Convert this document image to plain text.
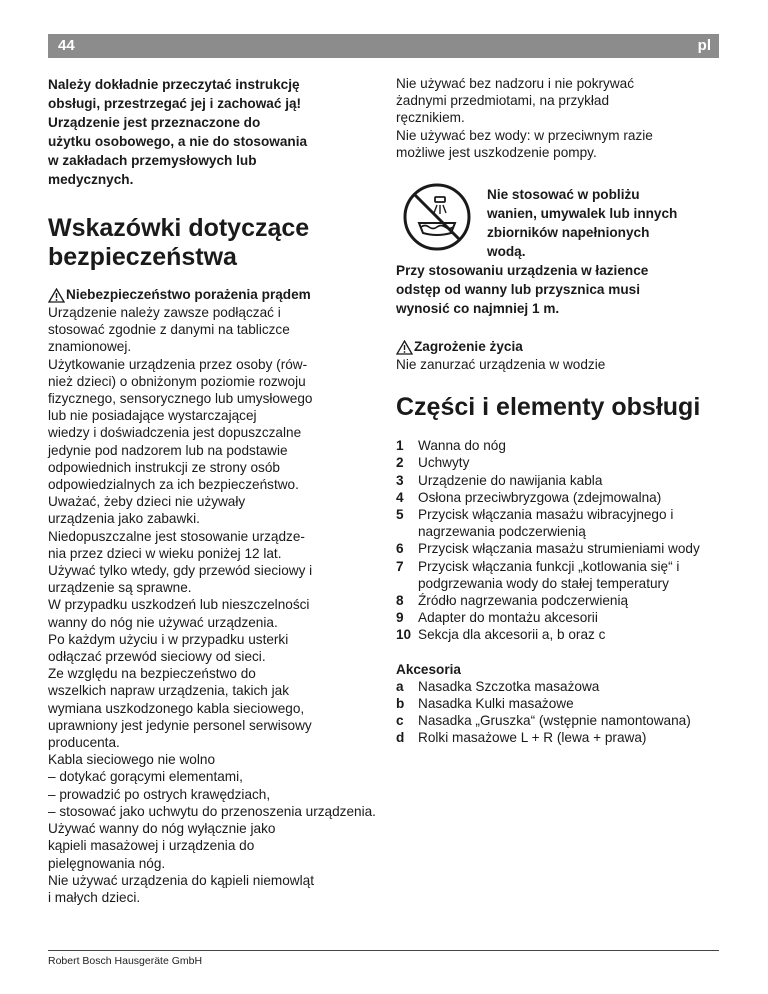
44	pl

Należy dokładnie przeczytać instrukcję

obsługi, przestrzegać jej i zachować ją!

Urządzenie jest przeznaczone do

użytku osobowego, a nie do stosowania

w zakładach przemysłowych lub

medycznych.

Wskazówki dotyczące
bezpieczeństwa
Niebezpieczeństwo porażenia prądem

Urządzenie należy zawsze podłączać i

stosować zgodnie z danymi na tabliczce

znamionowej.

Użytkowanie urządzenia przez osoby (rów-

nież dzieci) o obniżonym poziomie rozwoju

fizycznego, sensorycznego lub umysłowego

lub nie posiadające wystarczającej

wiedzy i doświadczenia jest dopuszczalne

jedynie pod nadzorem lub na podstawie

odpowiednich instrukcji ze strony osób

odpowiedzialnych za ich bezpieczeństwo.

Uważać, żeby dzieci nie używały

urządzenia jako zabawki.

Niedopuszczalne jest stosowanie urządze-

nia przez dzieci w wieku poniżej 12 lat.

Używać tylko wtedy, gdy przewód sieciowy i

urządzenie są sprawne.

W przypadku uszkodzeń lub nieszczelności

wanny do nóg nie używać urządzenia.

Po każdym użyciu i w przypadku usterki

odłączać przewód sieciowy od sieci.

Ze względu na bezpieczeństwo do

wszelkich napraw urządzenia, takich jak

wymiana uszkodzonego kabla sieciowego,

uprawniony jest jedynie personel serwisowy

producenta.

Kabla sieciowego nie wolno

– dotykać gorącymi elementami,

– prowadzić po ostrych krawędziach,

– stosować jako uchwytu do przenoszenia urządzenia.

Używać wanny do nóg wyłącznie jako

kąpieli masażowej i urządzenia do

pielęgnowania nóg.

Nie używać urządzenia do kąpieli niemowląt

i małych dzieci.

Nie używać bez nadzoru i nie pokrywać

żadnymi przedmiotami, na przykład

ręcznikiem.

Nie używać bez wody: w przeciwnym razie

możliwe jest uszkodzenie pompy.

Nie stosować w pobliżu

wanien, umywalek lub innych

zbiorników napełnionych

wodą.

Przy stosowaniu urządzenia w łazience

odstęp od wanny lub przysznica musi

wynosić co najmniej 1 m.

Zagrożenie życia

Nie zanurzać urządzenia w wodzie

Części i elementy obsługi
1	Wanna do nóg
2	Uchwyty
3	Urządzenie do nawijania kabla
4	Osłona przeciwbryzgowa (zdejmowalna)
5	Przycisk włączania masażu wibracyjnego i nagrzewania podczerwienią
6	Przycisk włączania masażu strumieniami wody
7	Przycisk włączania funkcji „kotlowania się“ i podgrzewania wody do stałej temperatury
8	Źródło nagrzewania podczerwienią
9	Adapter do montażu akcesorii
10 Sekcja dla akcesorii a, b oraz c

Akcesoria

a	Nasadka Szczotka masażowa
b	Nasadka Kulki masażowe
c	Nasadka „Gruszka“ (wstępnie namontowana)
d	Rolki masażowe L + R (lewa + prawa)
Robert Bosch Hausgeräte GmbH
